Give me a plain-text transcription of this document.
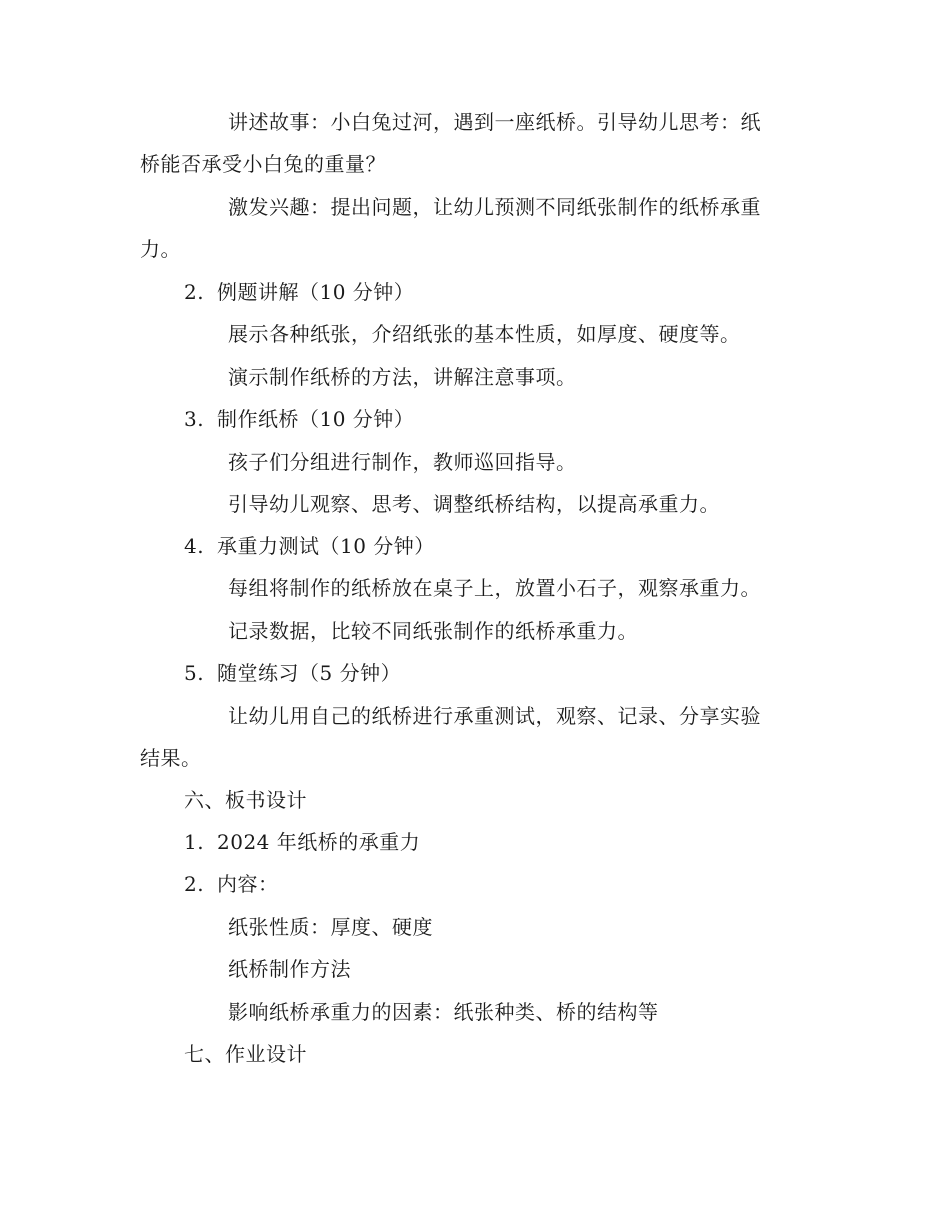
讲述故事：小白兔过河，遇到一座纸桥。引导幼儿思考：纸
桥能否承受小白兔的重量？
激发兴趣：提出问题，让幼儿预测不同纸张制作的纸桥承重
力。
2. 例题讲解（10 分钟）
展示各种纸张，介绍纸张的基本性质，如厚度、硬度等。
演示制作纸桥的方法，讲解注意事项。
3. 制作纸桥（10 分钟）
孩子们分组进行制作，教师巡回指导。
引导幼儿观察、思考、调整纸桥结构，以提高承重力。
4. 承重力测试（10 分钟）
每组将制作的纸桥放在桌子上，放置小石子，观察承重力。
记录数据，比较不同纸张制作的纸桥承重力。
5. 随堂练习（5 分钟）
让幼儿用自己的纸桥进行承重测试，观察、记录、分享实验
结果。
六、板书设计
1. 2024 年纸桥的承重力
2. 内容：
纸张性质：厚度、硬度
纸桥制作方法
影响纸桥承重力的因素：纸张种类、桥的结构等
七、作业设计
